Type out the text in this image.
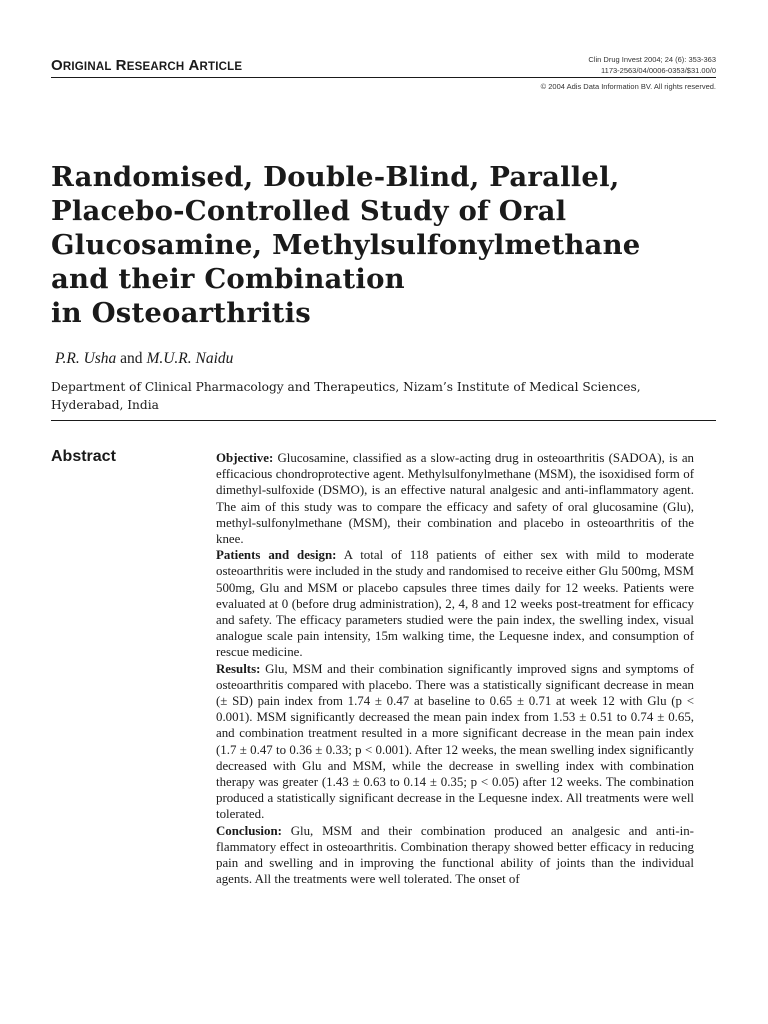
ORIGINAL RESEARCH ARTICLE
Clin Drug Invest 2004; 24 (6): 353-363
1173-2563/04/0006-0353/$31.00/0
© 2004 Adis Data Information BV. All rights reserved.
Randomised, Double-Blind, Parallel,
Placebo-Controlled Study of Oral
Glucosamine, Methylsulfonylmethane
and their Combination
in Osteoarthritis
P.R. Usha and M.U.R. Naidu
Department of Clinical Pharmacology and Therapeutics, Nizam’s Institute of Medical Sciences, Hyderabad, India
Abstract	Objective: Glucosamine, classified as a slow-acting drug in osteoarthritis (SADOA), is an efficacious chondroprotective agent. Methylsulfonylmethane (MSM), the isoxidised form of dimethyl-sulfoxide (DSMO), is an effective natural analgesic and anti-inflammatory agent. The aim of this study was to compare the efficacy and safety of oral glucosamine (Glu), methyl-sulfonylmethane (MSM), their combination and placebo in osteoarthritis of the knee.

Patients and design: A total of 118 patients of either sex with mild to moderate osteoarthritis were included in the study and randomised to receive either Glu 500mg, MSM 500mg, Glu and MSM or placebo capsules three times daily for 12 weeks. Patients were evaluated at 0 (before drug administration), 2, 4, 8 and 12 weeks post-treatment for efficacy and safety. The efficacy parameters studied were the pain index, the swelling index, visual analogue scale pain intensity, 15m walking time, the Lequesne index, and consumption of rescue medicine.

Results: Glu, MSM and their combination significantly improved signs and symptoms of osteoarthritis compared with placebo. There was a statistically significant decrease in mean (± SD) pain index from 1.74 ± 0.47 at baseline to 0.65 ± 0.71 at week 12 with Glu (p < 0.001). MSM significantly decreased the mean pain index from 1.53 ± 0.51 to 0.74 ± 0.65, and combination treatment resulted in a more significant decrease in the mean pain index (1.7 ± 0.47 to 0.36 ± 0.33; p < 0.001). After 12 weeks, the mean swelling index significantly decreased with Glu and MSM, while the decrease in swelling index with combination therapy was greater (1.43 ± 0.63 to 0.14 ± 0.35; p < 0.05) after 12 weeks. The combination produced a statistically significant decrease in the Lequesne index. All treatments were well tolerated.

Conclusion: Glu, MSM and their combination produced an analgesic and anti-in-flammatory effect in osteoarthritis. Combination therapy showed better efficacy in reducing pain and swelling and in improving the functional ability of joints than the individual agents. All the treatments were well tolerated. The onset of
